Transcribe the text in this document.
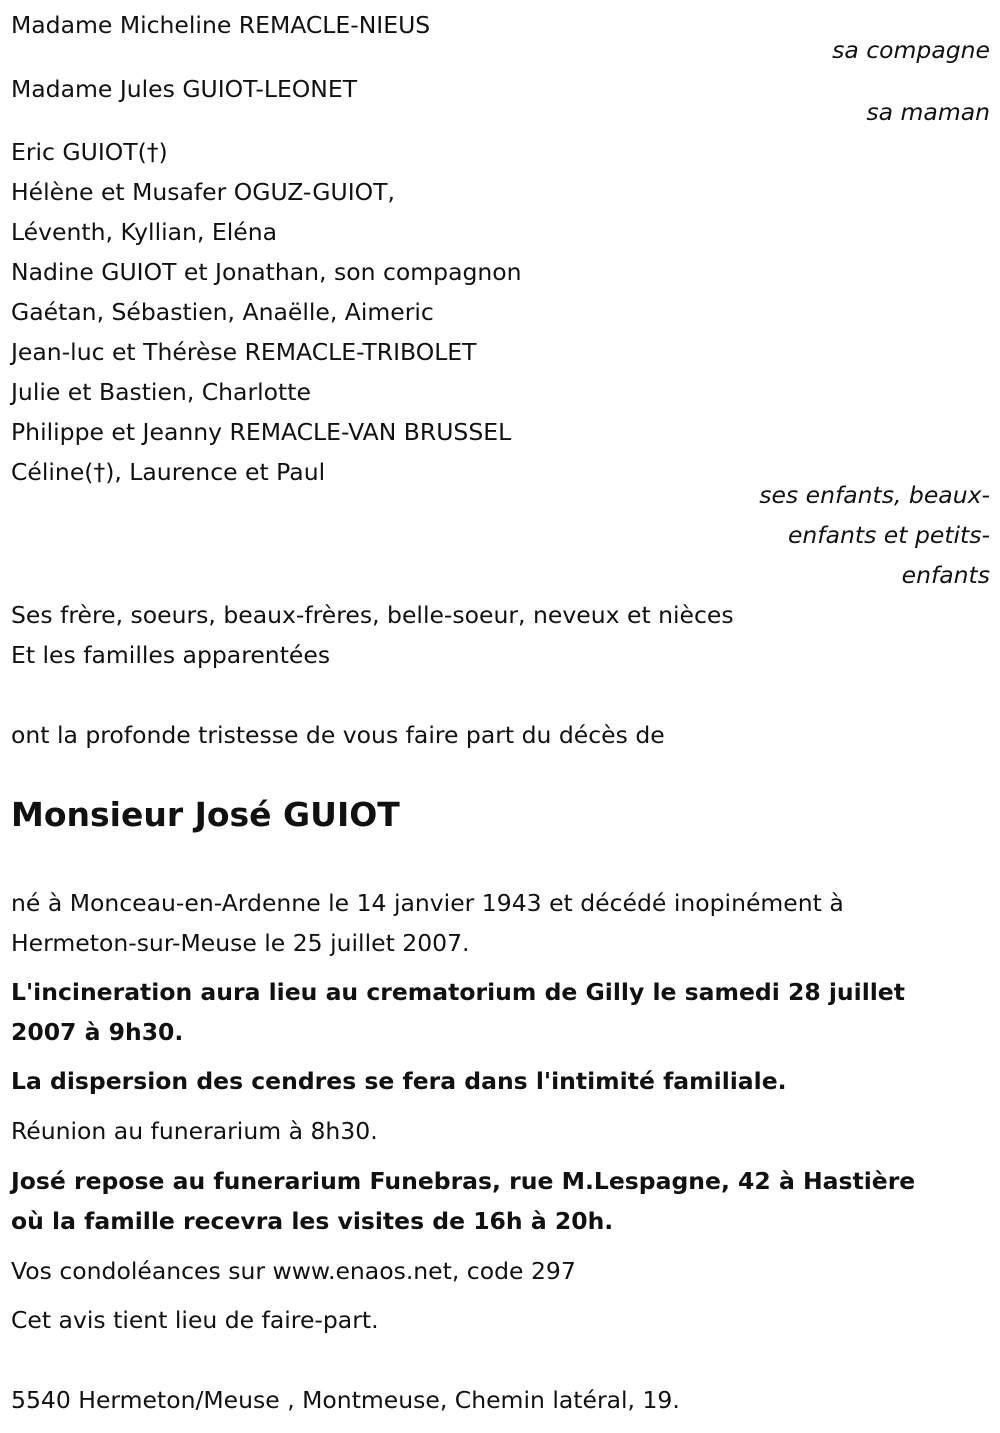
Madame Micheline REMACLE-NIEUS
sa compagne
Madame Jules GUIOT-LEONET
sa maman
Eric GUIOT(†)
Hélène et Musafer OGUZ-GUIOT,
Léventh, Kyllian, Eléna
Nadine GUIOT et Jonathan, son compagnon
Gaétan, Sébastien, Anaëlle, Aimeric
Jean-luc et Thérèse REMACLE-TRIBOLET
Julie et Bastien, Charlotte
Philippe et Jeanny REMACLE-VAN BRUSSEL
Céline(†), Laurence et Paul
ses enfants, beaux-
enfants et petits-
enfants
Ses frère, soeurs, beaux-frères, belle-soeur, neveux et nièces
Et les familles apparentées
ont la profonde tristesse de vous faire part du décès de
Monsieur José GUIOT
né à Monceau-en-Ardenne le 14 janvier 1943 et décédé inopinément à
Hermeton-sur-Meuse le 25 juillet 2007.
L'incineration aura lieu au crematorium de Gilly le samedi 28 juillet
2007 à 9h30.
La dispersion des cendres se fera dans l'intimité familiale.
Réunion au funerarium à 8h30.
José repose au funerarium Funebras, rue M.Lespagne, 42 à Hastière
où la famille recevra les visites de 16h à 20h.
Vos condoléances sur www.enaos.net, code 297
Cet avis tient lieu de faire-part.
5540 Hermeton/Meuse , Montmeuse, Chemin latéral, 19.
